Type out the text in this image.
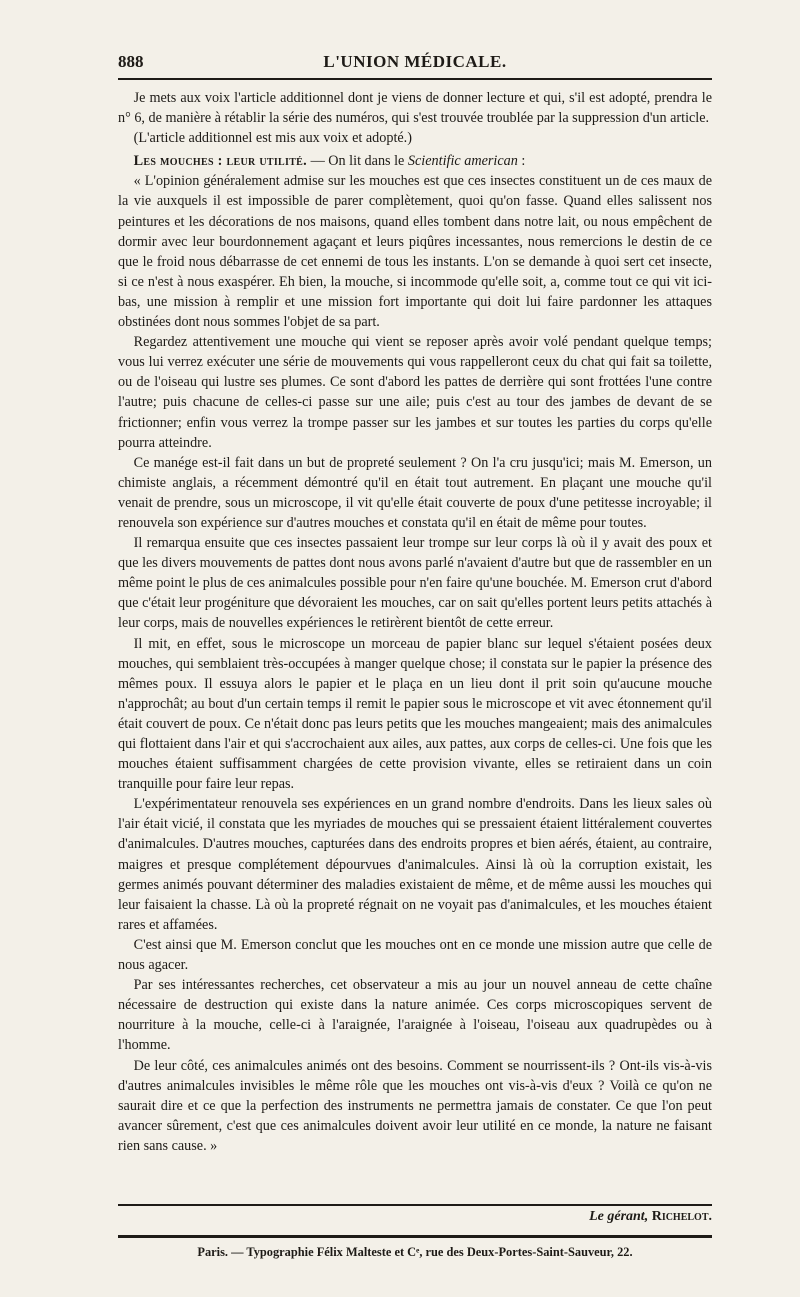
888	L'UNION MÉDICALE.

Je mets aux voix l'article additionnel dont je viens de donner lecture et qui, s'il est adopté, prendra le n° 6, de manière à rétablir la série des numéros, qui s'est trouvée troublée par la suppression d'un article.

(L'article additionnel est mis aux voix et adopté.)

Les mouches : leur utilité. — On lit dans le Scientific american :

« L'opinion généralement admise sur les mouches est que ces insectes constituent un de ces maux de la vie auxquels il est impossible de parer complètement, quoi qu'on fasse. Quand elles salissent nos peintures et les décorations de nos maisons, quand elles tombent dans notre lait, ou nous empêchent de dormir avec leur bourdonnement agaçant et leurs piqûres incessantes, nous remercions le destin de ce que le froid nous débarrasse de cet ennemi de tous les instants. L'on se demande à quoi sert cet insecte, si ce n'est à nous exaspérer. Eh bien, la mouche, si incommode qu'elle soit, a, comme tout ce qui vit ici-bas, une mission à remplir et une mission fort importante qui doit lui faire pardonner les attaques obstinées dont nous sommes l'objet de sa part.

Regardez attentivement une mouche qui vient se reposer après avoir volé pendant quelque temps; vous lui verrez exécuter une série de mouvements qui vous rappelleront ceux du chat qui fait sa toilette, ou de l'oiseau qui lustre ses plumes. Ce sont d'abord les pattes de derrière qui sont frottées l'une contre l'autre; puis chacune de celles-ci passe sur une aile; puis c'est au tour des jambes de devant de se frictionner; enfin vous verrez la trompe passer sur les jambes et sur toutes les parties du corps qu'elle pourra atteindre.

Ce manége est-il fait dans un but de propreté seulement ? On l'a cru jusqu'ici; mais M. Emerson, un chimiste anglais, a récemment démontré qu'il en était tout autrement. En plaçant une mouche qu'il venait de prendre, sous un microscope, il vit qu'elle était couverte de poux d'une petitesse incroyable; il renouvela son expérience sur d'autres mouches et constata qu'il en était de même pour toutes.

Il remarqua ensuite que ces insectes passaient leur trompe sur leur corps là où il y avait des poux et que les divers mouvements de pattes dont nous avons parlé n'avaient d'autre but que de rassembler en un même point le plus de ces animalcules possible pour n'en faire qu'une bouchée. M. Emerson crut d'abord que c'était leur progéniture que dévoraient les mouches, car on sait qu'elles portent leurs petits attachés à leur corps, mais de nouvelles expériences le retirèrent bientôt de cette erreur.

Il mit, en effet, sous le microscope un morceau de papier blanc sur lequel s'étaient posées deux mouches, qui semblaient très-occupées à manger quelque chose; il constata sur le papier la présence des mêmes poux. Il essuya alors le papier et le plaça en un lieu dont il prit soin qu'aucune mouche n'approchât; au bout d'un certain temps il remit le papier sous le microscope et vit avec étonnement qu'il était couvert de poux. Ce n'était donc pas leurs petits que les mouches mangeaient; mais des animalcules qui flottaient dans l'air et qui s'accrochaient aux ailes, aux pattes, aux corps de celles-ci. Une fois que les mouches étaient suffisamment chargées de cette provision vivante, elles se retiraient dans un coin tranquille pour faire leur repas.

L'expérimentateur renouvela ses expériences en un grand nombre d'endroits. Dans les lieux sales où l'air était vicié, il constata que les myriades de mouches qui se pressaient étaient littéralement couvertes d'animalcules. D'autres mouches, capturées dans des endroits propres et bien aérés, étaient, au contraire, maigres et presque complétement dépourvues d'animalcules. Ainsi là où la corruption existait, les germes animés pouvant déterminer des maladies existaient de même, et de même aussi les mouches qui leur faisaient la chasse. Là où la propreté régnait on ne voyait pas d'animalcules, et les mouches étaient rares et affamées.

C'est ainsi que M. Emerson conclut que les mouches ont en ce monde une mission autre que celle de nous agacer.

Par ses intéressantes recherches, cet observateur a mis au jour un nouvel anneau de cette chaîne nécessaire de destruction qui existe dans la nature animée. Ces corps microscopiques servent de nourriture à la mouche, celle-ci à l'araignée, l'araignée à l'oiseau, l'oiseau aux quadrupèdes ou à l'homme.

De leur côté, ces animalcules animés ont des besoins. Comment se nourrissent-ils ? Ont-ils vis-à-vis d'autres animalcules invisibles le même rôle que les mouches ont vis-à-vis d'eux ? Voilà ce qu'on ne saurait dire et ce que la perfection des instruments ne permettra jamais de constater. Ce que l'on peut avancer sûrement, c'est que ces animalcules doivent avoir leur utilité en ce monde, la nature ne faisant rien sans cause. »

Le gérant, Richelot.
Paris. — Typographie Félix Malteste et Cᵉ, rue des Deux-Portes-Saint-Sauveur, 22.
